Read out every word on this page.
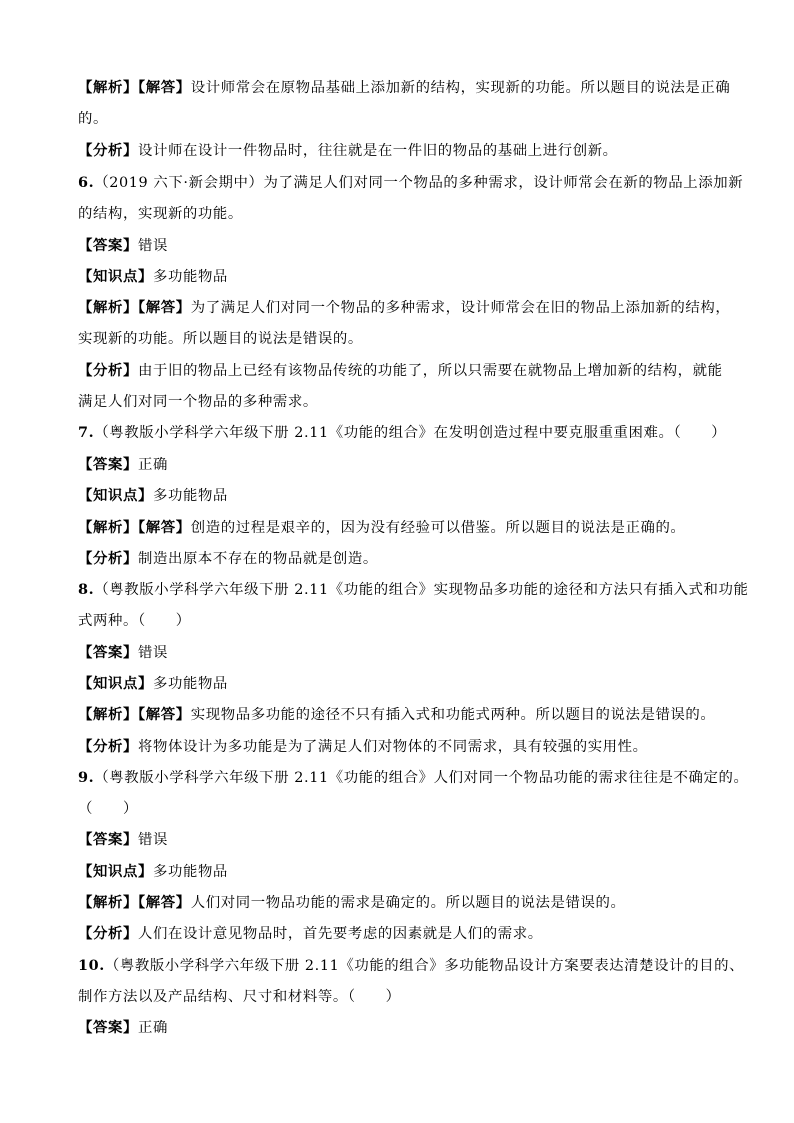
【解析】【解答】设计师常会在原物品基础上添加新的结构，实现新的功能。所以题目的说法是正确
的。
【分析】设计师在设计一件物品时，往往就是在一件旧的物品的基础上进行创新。
6.（2019 六下·新会期中）为了满足人们对同一个物品的多种需求，设计师常会在新的物品上添加新
的结构，实现新的功能。
【答案】错误
【知识点】多功能物品
【解析】【解答】为了满足人们对同一个物品的多种需求，设计师常会在旧的物品上添加新的结构，
实现新的功能。所以题目的说法是错误的。
【分析】由于旧的物品上已经有该物品传统的功能了，所以只需要在就物品上增加新的结构，就能
满足人们对同一个物品的多种需求。
7.（粤教版小学科学六年级下册 2.11《功能的组合》在发明创造过程中要克服重重困难。（　　）
【答案】正确
【知识点】多功能物品
【解析】【解答】创造的过程是艰辛的，因为没有经验可以借鉴。所以题目的说法是正确的。
【分析】制造出原本不存在的物品就是创造。
8.（粤教版小学科学六年级下册 2.11《功能的组合》实现物品多功能的途径和方法只有插入式和功能
式两种。（　　）
【答案】错误
【知识点】多功能物品
【解析】【解答】实现物品多功能的途径不只有插入式和功能式两种。所以题目的说法是错误的。
【分析】将物体设计为多功能是为了满足人们对物体的不同需求，具有较强的实用性。
9.（粤教版小学科学六年级下册 2.11《功能的组合》人们对同一个物品功能的需求往往是不确定的。
（　　）
【答案】错误
【知识点】多功能物品
【解析】【解答】人们对同一物品功能的需求是确定的。所以题目的说法是错误的。
【分析】人们在设计意见物品时，首先要考虑的因素就是人们的需求。
10.（粤教版小学科学六年级下册 2.11《功能的组合》多功能物品设计方案要表达清楚设计的目的、
制作方法以及产品结构、尺寸和材料等。（　　）
【答案】正确
